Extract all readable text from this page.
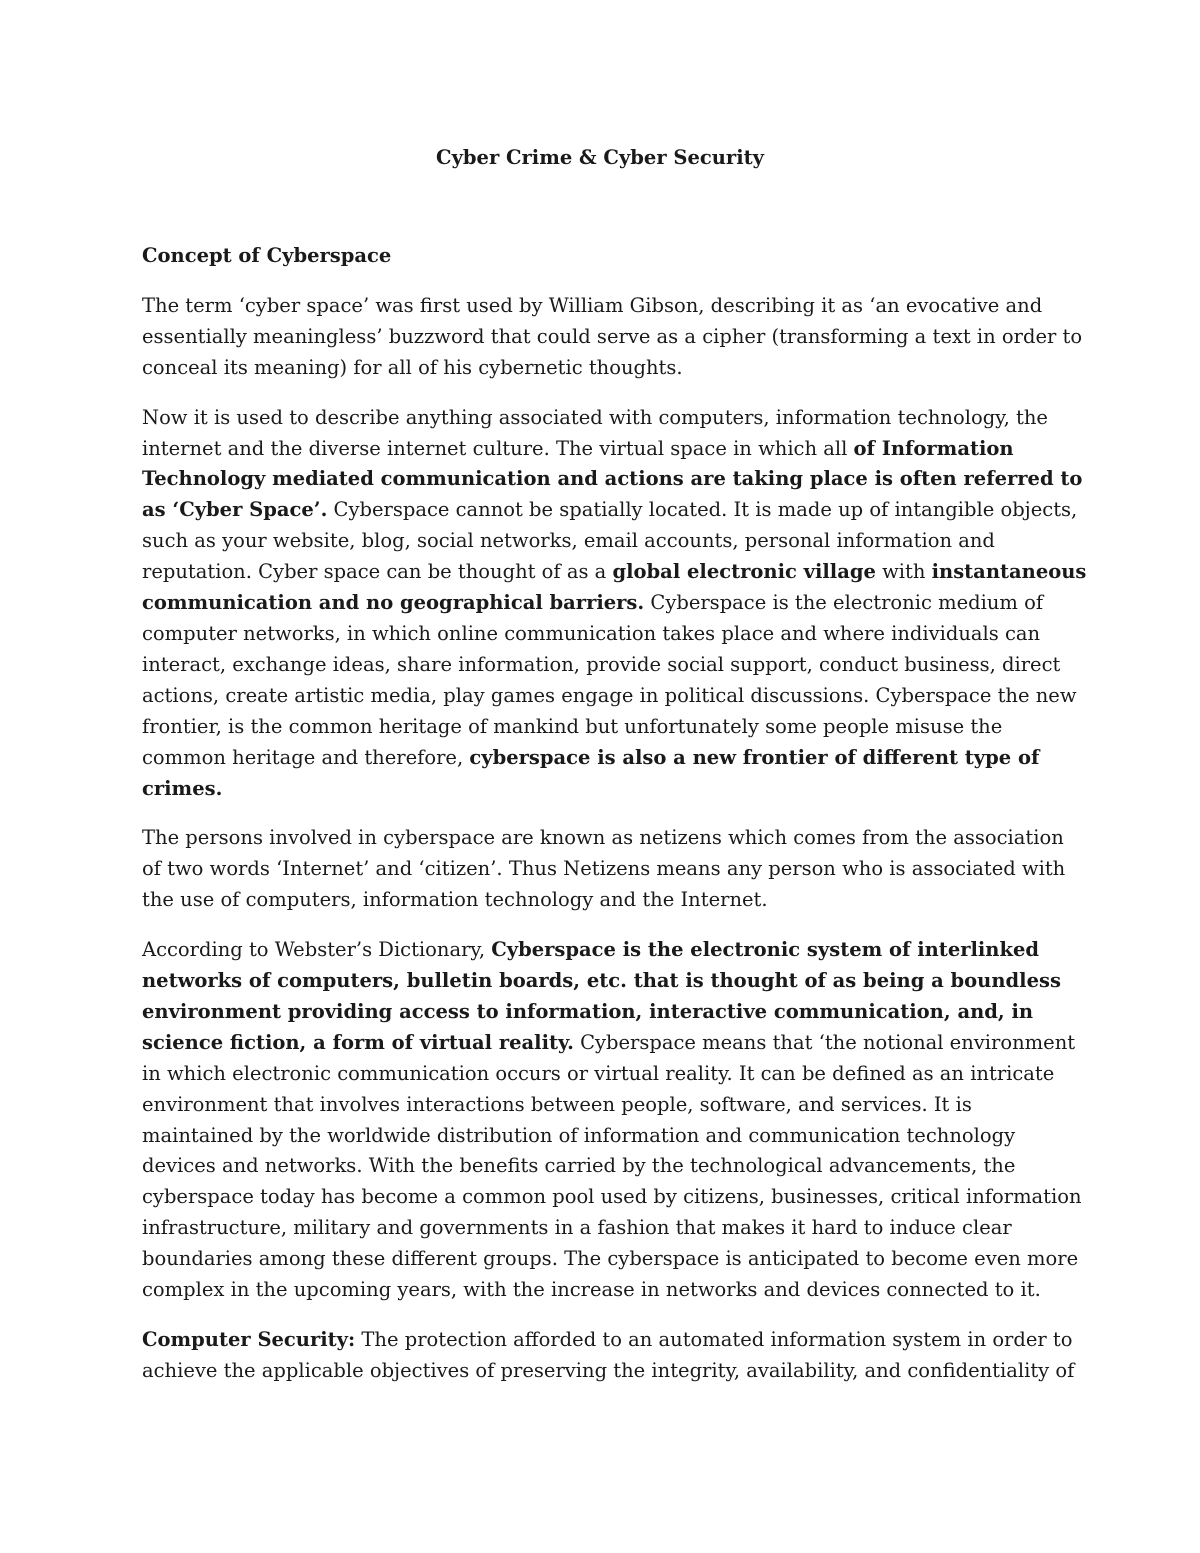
Cyber Crime & Cyber Security
Concept of Cyberspace

The term ‘cyber space’ was first used by William Gibson, describing it as ‘an evocative and essentially meaningless’ buzzword that could serve as a cipher (transforming a text in order to conceal its meaning) for all of his cybernetic thoughts.

Now it is used to describe anything associated with computers, information technology, the internet and the diverse internet culture. The virtual space in which all of Information Technology mediated communication and actions are taking place is often referred to as ‘Cyber Space’. Cyberspace cannot be spatially located. It is made up of intangible objects, such as your website, blog, social networks, email accounts, personal information and reputation. Cyber space can be thought of as a global electronic village with instantaneous communication and no geographical barriers. Cyberspace is the electronic medium of computer networks, in which online communication takes place and where individuals can interact, exchange ideas, share information, provide social support, conduct business, direct actions, create artistic media, play games engage in political discussions. Cyberspace the new frontier, is the common heritage of mankind but unfortunately some people misuse the common heritage and therefore, cyberspace is also a new frontier of different type of crimes.

The persons involved in cyberspace are known as netizens which comes from the association of two words ‘Internet’ and ‘citizen’. Thus Netizens means any person who is associated with the use of computers, information technology and the Internet.

According to Webster’s Dictionary, Cyberspace is the electronic system of interlinked networks of computers, bulletin boards, etc. that is thought of as being a boundless environment providing access to information, interactive communication, and, in science fiction, a form of virtual reality. Cyberspace means that ‘the notional environment in which electronic communication occurs or virtual reality. It can be defined as an intricate environment that involves interactions between people, software, and services. It is maintained by the worldwide distribution of information and communication technology devices and networks. With the benefits carried by the technological advancements, the cyberspace today has become a common pool used by citizens, businesses, critical information infrastructure, military and governments in a fashion that makes it hard to induce clear boundaries among these different groups. The cyberspace is anticipated to become even more complex in the upcoming years, with the increase in networks and devices connected to it.

Computer Security: The protection afforded to an automated information system in order to achieve the applicable objectives of preserving the integrity, availability, and confidentiality of
